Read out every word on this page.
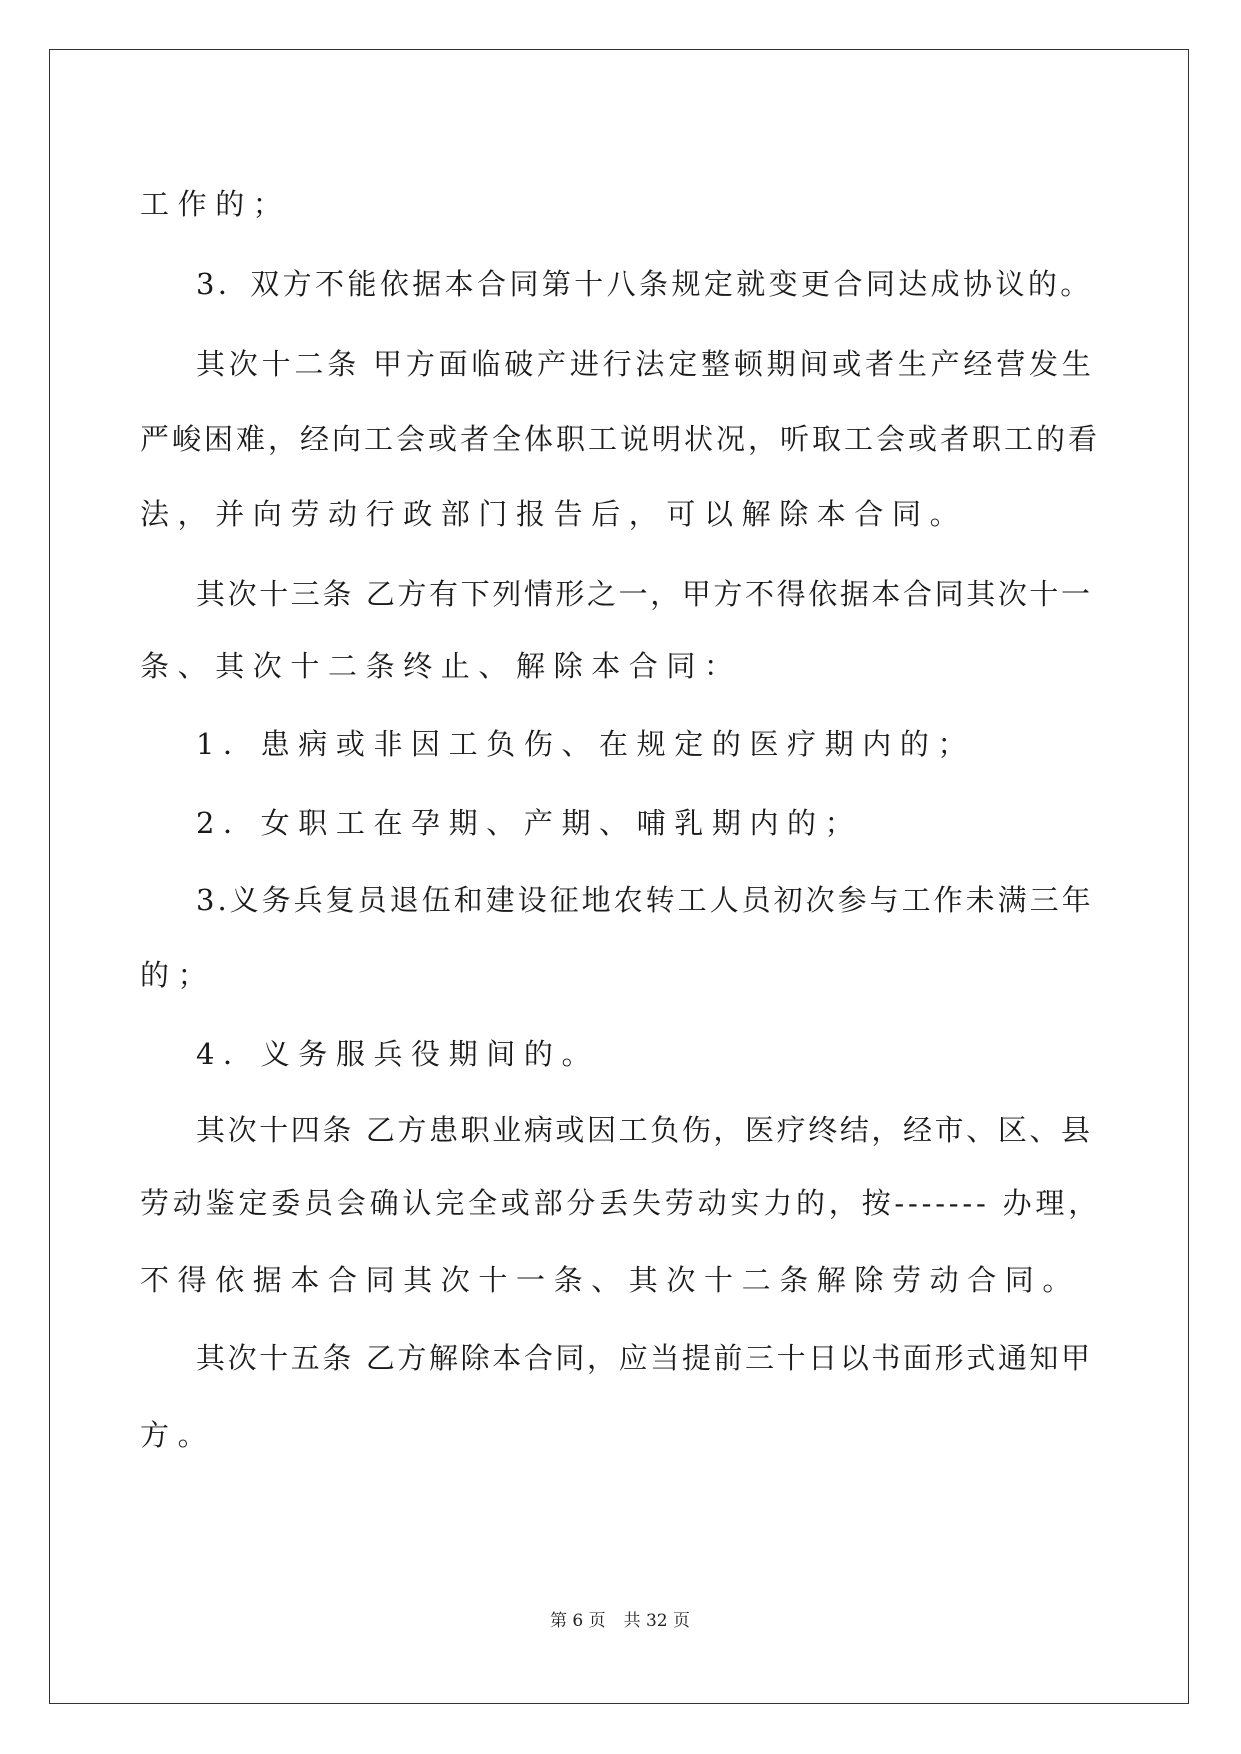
工作的；
3．双方不能依据本合同第十八条规定就变更合同达成协议的。
其次十二条 甲方面临破产进行法定整顿期间或者生产经营发生
严峻困难，经向工会或者全体职工说明状况，听取工会或者职工的看
法，并向劳动行政部门报告后，可以解除本合同。
其次十三条 乙方有下列情形之一，甲方不得依据本合同其次十一
条、其次十二条终止、解除本合同：
1．患病或非因工负伤、在规定的医疗期内的；
2．女职工在孕期、产期、哺乳期内的；
3.义务兵复员退伍和建设征地农转工人员初次参与工作未满三年
的；
4．义务服兵役期间的。
其次十四条 乙方患职业病或因工负伤，医疗终结，经市、区、县
劳动鉴定委员会确认完全或部分丢失劳动实力的，按------- 办理，
不得依据本合同其次十一条、其次十二条解除劳动合同。
其次十五条 乙方解除本合同，应当提前三十日以书面形式通知甲
方。
第 6 页 共 32 页
